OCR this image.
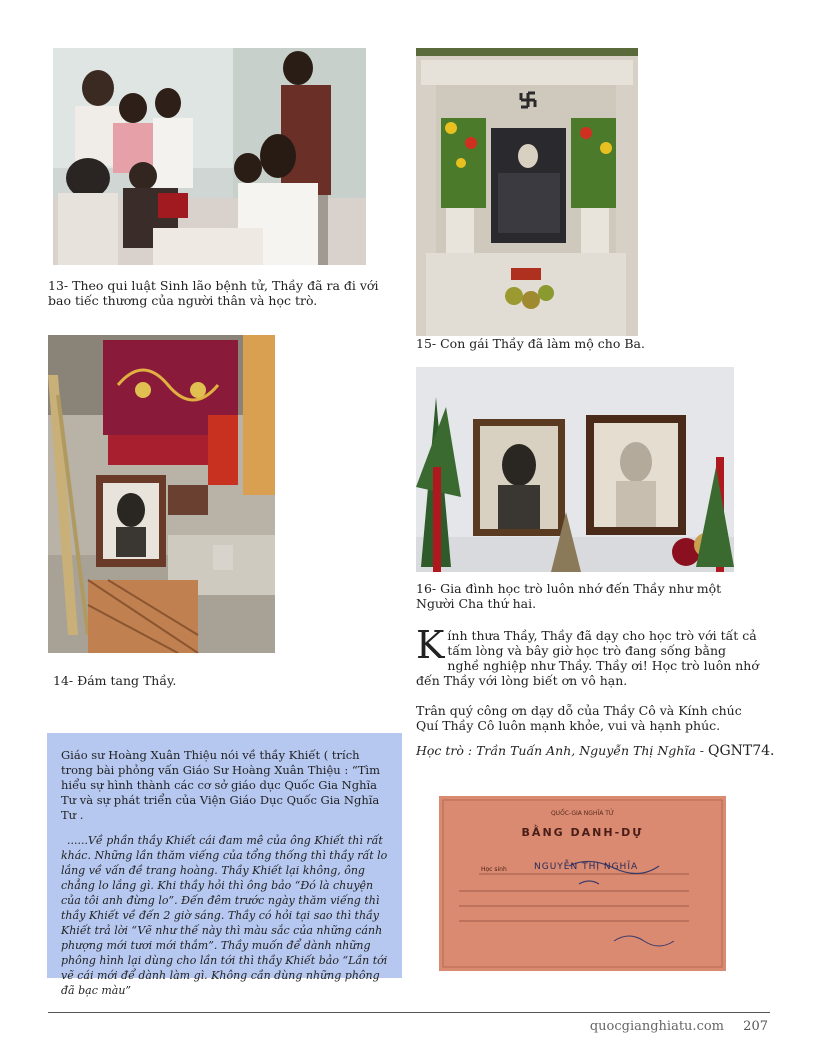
13- Theo qui luật Sinh lão bệnh tử, Thầy đã ra đi với bao tiếc thương của người thân và học trò.
14- Đám tang Thầy.
15- Con gái Thầy đã làm mộ cho Ba.
16- Gia đình học trò luôn nhớ đến Thầy như một Người Cha thứ hai.
Kính thưa Thầy, Thầy đã dạy cho học trò với tất cả tấm lòng và bây giờ học trò đang sống bằng nghề nghiệp như Thầy. Thầy ơi! Học trò luôn nhớ đến Thầy với lòng biết ơn vô hạn.
Trân quý công ơn dạy dỗ của Thầy Cô và Kính chúc Quí Thầy Cô luôn mạnh khỏe, vui và hạnh phúc.
Học trò : Trần Tuấn Anh, Nguyễn Thị Nghĩa - QGNT74.

Giáo sư Hoàng Xuân Thiệu nói về thầy Khiết ( trích trong bài phỏng vấn Giáo Sư Hoàng Xuân Thiệu : “Tìm hiểu sự hình thành các cơ sở giáo dục Quốc Gia Nghĩa Tư và sự phát triển của Viện Giáo Dục Quốc Gia Nghĩa Tư .

......Về phần thầy Khiết cái đam mê của ông Khiết thì rất khác. Những lần thăm viếng của tổng thống thì thầy rất lo lắng về vấn đề trang hoàng. Thầy Khiết lại không, ông chẳng lo lắng gì. Khi thầy hỏi thì ông bảo “Đó là chuyện của tôi anh đừng lo”. Đến đêm trước ngày thăm viếng thì thầy Khiết về đến 2 giờ sáng. Thầy có hỏi tại sao thì thầy Khiết trả lời “Vẽ như thế này thì màu sắc của những cánh phượng mới tươi mới thắm”. Thầy muốn để dành những phông hình lại dùng cho lần tới thì thầy Khiết bảo “Lần tới vẽ cái mới để dành làm gì. Không cần dùng những phông đã bạc màu”

QUỐC-GIA NGHĨA TỬ
BẰNG DANH-DỰ
Học sinh	NGUYỄN THỊ NGHĨA
quocgianghiatu.com 207
